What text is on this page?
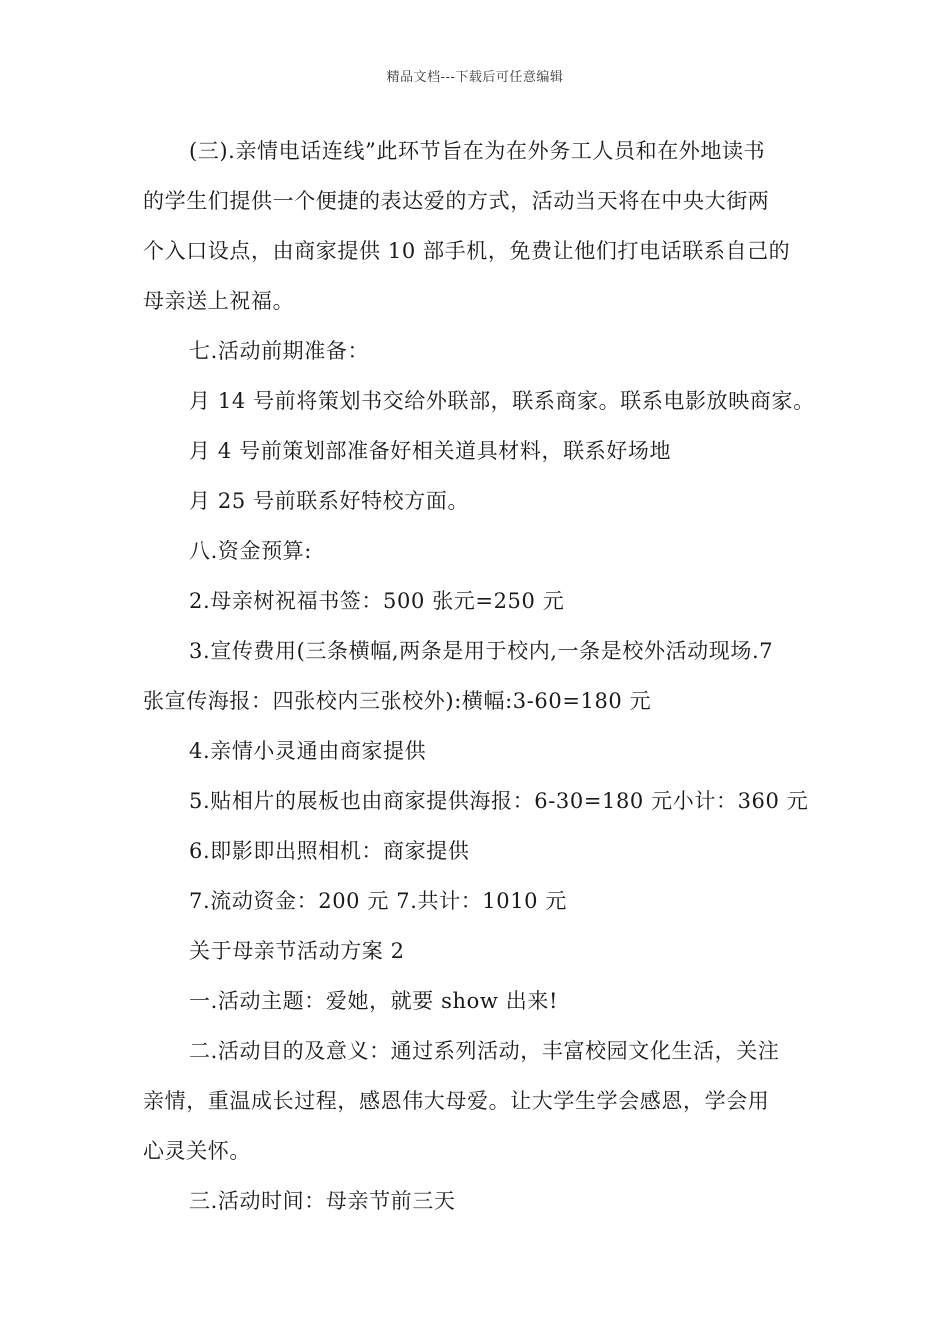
精品文档---下载后可任意编辑
(三).亲情电话连线”此环节旨在为在外务工人员和在外地读书
的学生们提供一个便捷的表达爱的方式，活动当天将在中央大街两
个入口设点，由商家提供 10 部手机，免费让他们打电话联系自己的
母亲送上祝福。
七.活动前期准备：
月 14 号前将策划书交给外联部，联系商家。联系电影放映商家。
月 4 号前策划部准备好相关道具材料，联系好场地
月 25 号前联系好特校方面。
八.资金预算:
2.母亲树祝福书签：500 张元=250 元
3.宣传费用(三条横幅,两条是用于校内,一条是校外活动现场.7
张宣传海报：四张校内三张校外):横幅:3-60=180 元
4.亲情小灵通由商家提供
5.贴相片的展板也由商家提供海报：6-30=180 元小计：360 元
6.即影即出照相机：商家提供
7.流动资金：200 元 7.共计：1010 元
关于母亲节活动方案 2
一.活动主题：爱她，就要 show 出来!
二.活动目的及意义：通过系列活动，丰富校园文化生活，关注
亲情，重温成长过程，感恩伟大母爱。让大学生学会感恩，学会用
心灵关怀。
三.活动时间：母亲节前三天
